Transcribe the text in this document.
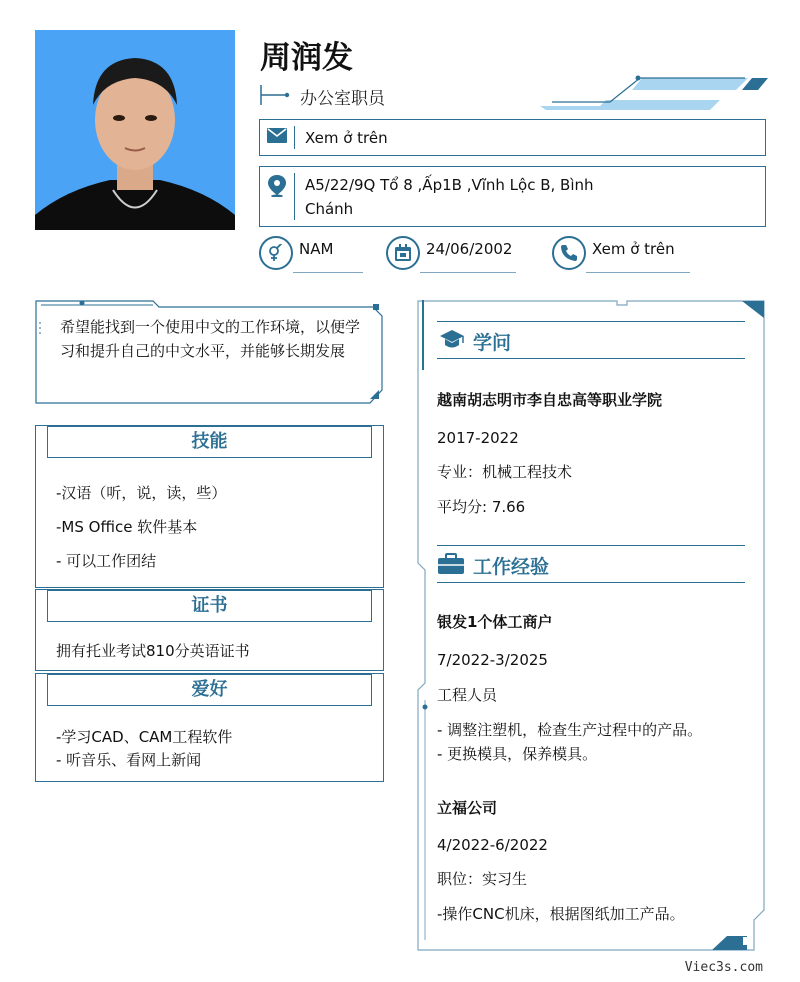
周润发
办公室职员
Xem ở trên
A5/22/9Q Tổ 8 ,Ấp1B ,Vĩnh Lộc B, Bình Chánh
NAM	24/06/2002	Xem ở trên
希望能找到一个使用中文的工作环境，以便学习和提升自己的中文水平，并能够长期发展
技能
-汉语（听，说，读，些）
-MS Office 软件基本
- 可以工作团结
证书
拥有托业考试810分英语证书
爱好
-学习CAD、CAM工程软件
- 听音乐、看网上新闻
学问
越南胡志明市李自忠高等职业学院
2017-2022
专业：机械工程技术
平均分: 7.66
工作经验
银发1个体工商户
7/2022-3/2025
工程人员
- 调整注塑机，检查生产过程中的产品。
- 更换模具，保养模具。
立福公司
4/2022-6/2022
职位：实习生
-操作CNC机床，根据图纸加工产品。
Viec3s.com
